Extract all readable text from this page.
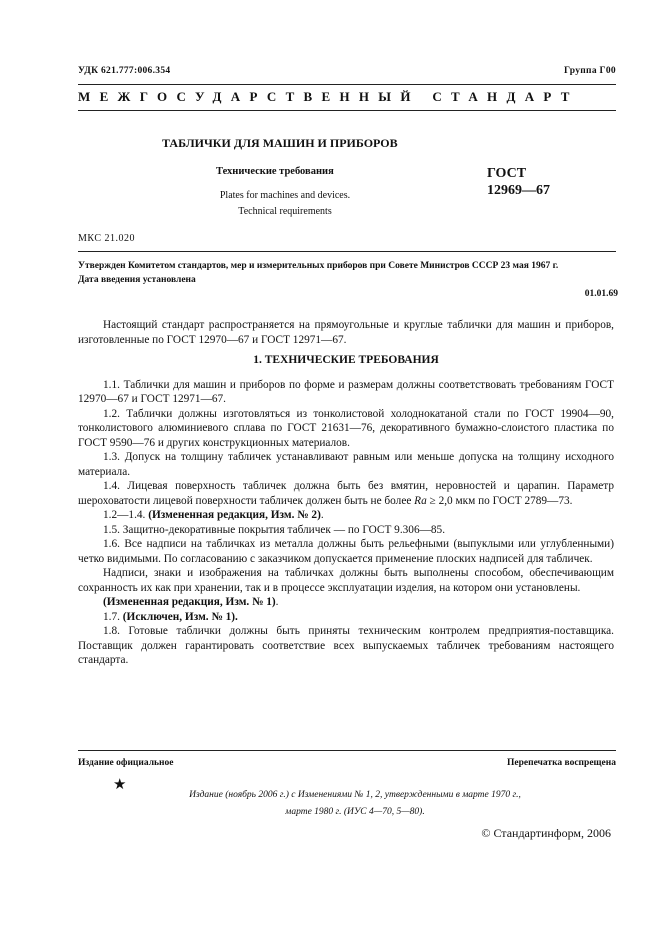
УДК 621.777:006.354	Группа Г00
МЕЖГОСУДАРСТВЕННЫЙ СТАНДАРТ
ТАБЛИЧКИ ДЛЯ МАШИН И ПРИБОРОВ
Технические требования
Plates for machines and devices.
Technical requirements
ГОСТ
12969—67
МКС 21.020
Утвержден Комитетом стандартов, мер и измерительных приборов при Совете Министров СССР 23 мая 1967 г.
Дата введения установлена
01.01.69

Настоящий стандарт распространяется на прямоугольные и круглые таблички для машин и приборов, изготовленные по ГОСТ 12970—67 и ГОСТ 12971—67.

1. ТЕХНИЧЕСКИЕ ТРЕБОВАНИЯ

1.1. Таблички для машин и приборов по форме и размерам должны соответствовать требованиям ГОСТ 12970—67 и ГОСТ 12971—67.

1.2. Таблички должны изготовляться из тонколистовой холоднокатаной стали по ГОСТ 19904—90, тонколистового алюминиевого сплава по ГОСТ 21631—76, декоративного бумажно-слоистого пластика по ГОСТ 9590—76 и других конструкционных материалов.

1.3. Допуск на толщину табличек устанавливают равным или меньше допуска на толщину исходного материала.

1.4. Лицевая поверхность табличек должна быть без вмятин, неровностей и царапин. Параметр шероховатости лицевой поверхности табличек должен быть не более Ra ≥ 2,0 мкм по ГОСТ 2789—73.

1.2—1.4. (Измененная редакция, Изм. № 2).

1.5. Защитно-декоративные покрытия табличек — по ГОСТ 9.306—85.

1.6. Все надписи на табличках из металла должны быть рельефными (выпуклыми или углубленными) четко видимыми. По согласованию с заказчиком допускается применение плоских надписей для табличек.

Надписи, знаки и изображения на табличках должны быть выполнены способом, обеспечивающим сохранность их как при хранении, так и в процессе эксплуатации изделия, на котором они установлены.

(Измененная редакция, Изм. № 1).

1.7. (Исключен, Изм. № 1).

1.8. Готовые таблички должны быть приняты техническим контролем предприятия-поставщика. Поставщик должен гарантировать соответствие всех выпускаемых табличек требованиям настоящего стандарта.

Издание официальное	Перепечатка воспрещена
★
Издание (ноябрь 2006 г.) с Изменениями № 1, 2, утвержденными в марте 1970 г.,
марте 1980 г. (ИУС 4—70, 5—80).
© Стандартинформ, 2006
